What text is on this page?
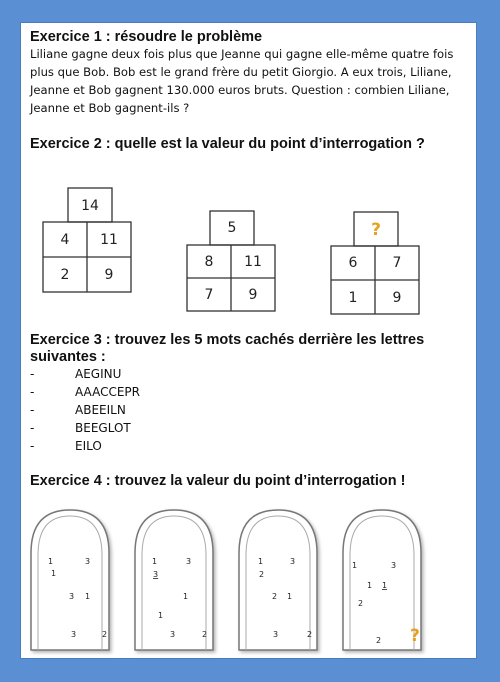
Exercice 1 : résoudre le problème
Liliane gagne deux fois plus que Jeanne qui gagne elle-même quatre fois plus que Bob. Bob est le grand frère du petit Giorgio. A eux trois, Liliane, Jeanne et Bob gagnent 130.000 euros bruts. Question : combien Liliane, Jeanne et Bob gagnent-ils ?
Exercice 2 : quelle est la valeur du point d’interrogation ?
14
4 11
2	9
5
8 11
7	9
?
6	7
1	9
Exercice 3 : trouvez les 5 mots cachés derrière les lettres
suivantes :
-	AEGINU
-	AAACCEPR
-	ABEEILN
-	BEEGLOT
-	EILO
Exercice 4 : trouvez la valeur du point d’interrogation !
1	3
1
3 1
3	2
1	3
3
1
1
3	2
1	3
2
2 1
3	2
1	3
1 1
2
2 ?
